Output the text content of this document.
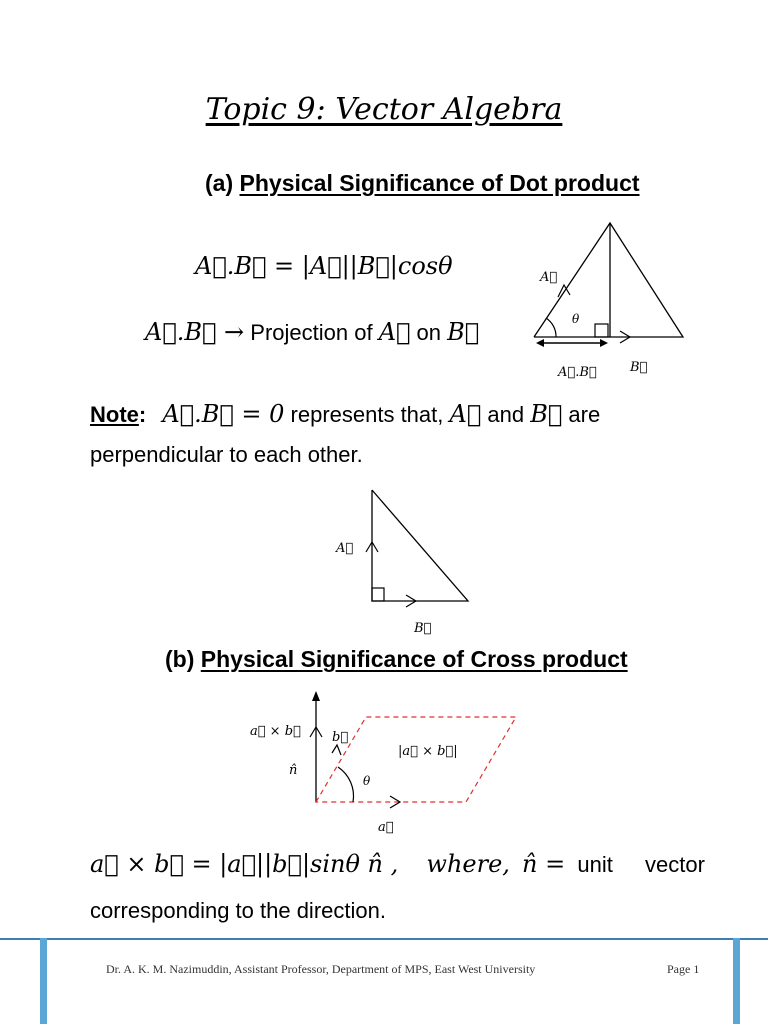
Topic 9: Vector Algebra
(a) Physical Significance of Dot product
A⃗.B⃗ = |A⃗||B⃗|cosθ
A⃗.B⃗ → Projection of A⃗ on B⃗
A⃗
θ
A⃗.B⃗	B⃗
Note: A⃗.B⃗ = 0 represents that, A⃗ and B⃗ are
perpendicular to each other.
A⃗
B⃗
(b) Physical Significance of Cross product
a⃗ × b⃗ b⃗
n̂
|a⃗ × b⃗|
θ
a⃗
a⃗ × b⃗ = |a⃗||b⃗|sinθ n̂ , where, n̂ = unit vector
corresponding to the direction.
Dr. A. K. M. Nazimuddin, Assistant Professor, Department of MPS, East West University	Page 1
